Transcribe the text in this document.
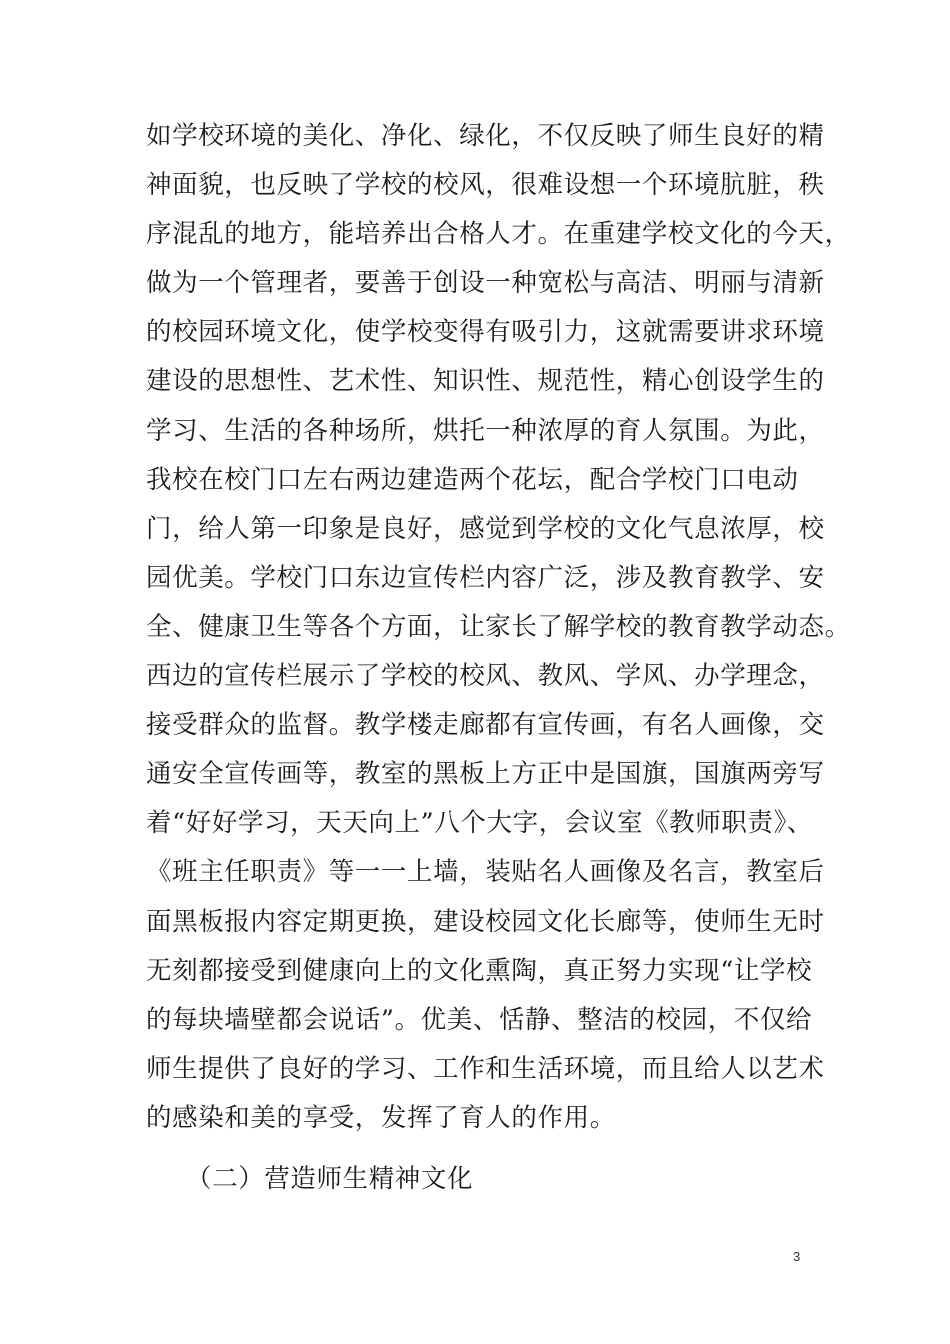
如学校环境的美化、净化、绿化，不仅反映了师生良好的精
神面貌，也反映了学校的校风，很难设想一个环境肮脏，秩
序混乱的地方，能培养出合格人才。在重建学校文化的今天，
做为一个管理者，要善于创设一种宽松与高洁、明丽与清新
的校园环境文化，使学校变得有吸引力，这就需要讲求环境
建设的思想性、艺术性、知识性、规范性，精心创设学生的
学习、生活的各种场所，烘托一种浓厚的育人氛围。为此，
我校在校门口左右两边建造两个花坛，配合学校门口电动
门，给人第一印象是良好，感觉到学校的文化气息浓厚，校
园优美。学校门口东边宣传栏内容广泛，涉及教育教学、安
全、健康卫生等各个方面，让家长了解学校的教育教学动态。
西边的宣传栏展示了学校的校风、教风、学风、办学理念，
接受群众的监督。教学楼走廊都有宣传画，有名人画像，交
通安全宣传画等，教室的黑板上方正中是国旗，国旗两旁写
着“好好学习，天天向上”八个大字，会议室《教师职责》、
《班主任职责》等一一上墙，装贴名人画像及名言，教室后
面黑板报内容定期更换，建设校园文化长廊等，使师生无时
无刻都接受到健康向上的文化熏陶，真正努力实现“让学校
的每块墙壁都会说话”。优美、恬静、整洁的校园，不仅给
师生提供了良好的学习、工作和生活环境，而且给人以艺术
的感染和美的享受，发挥了育人的作用。
（二）营造师生精神文化
3
